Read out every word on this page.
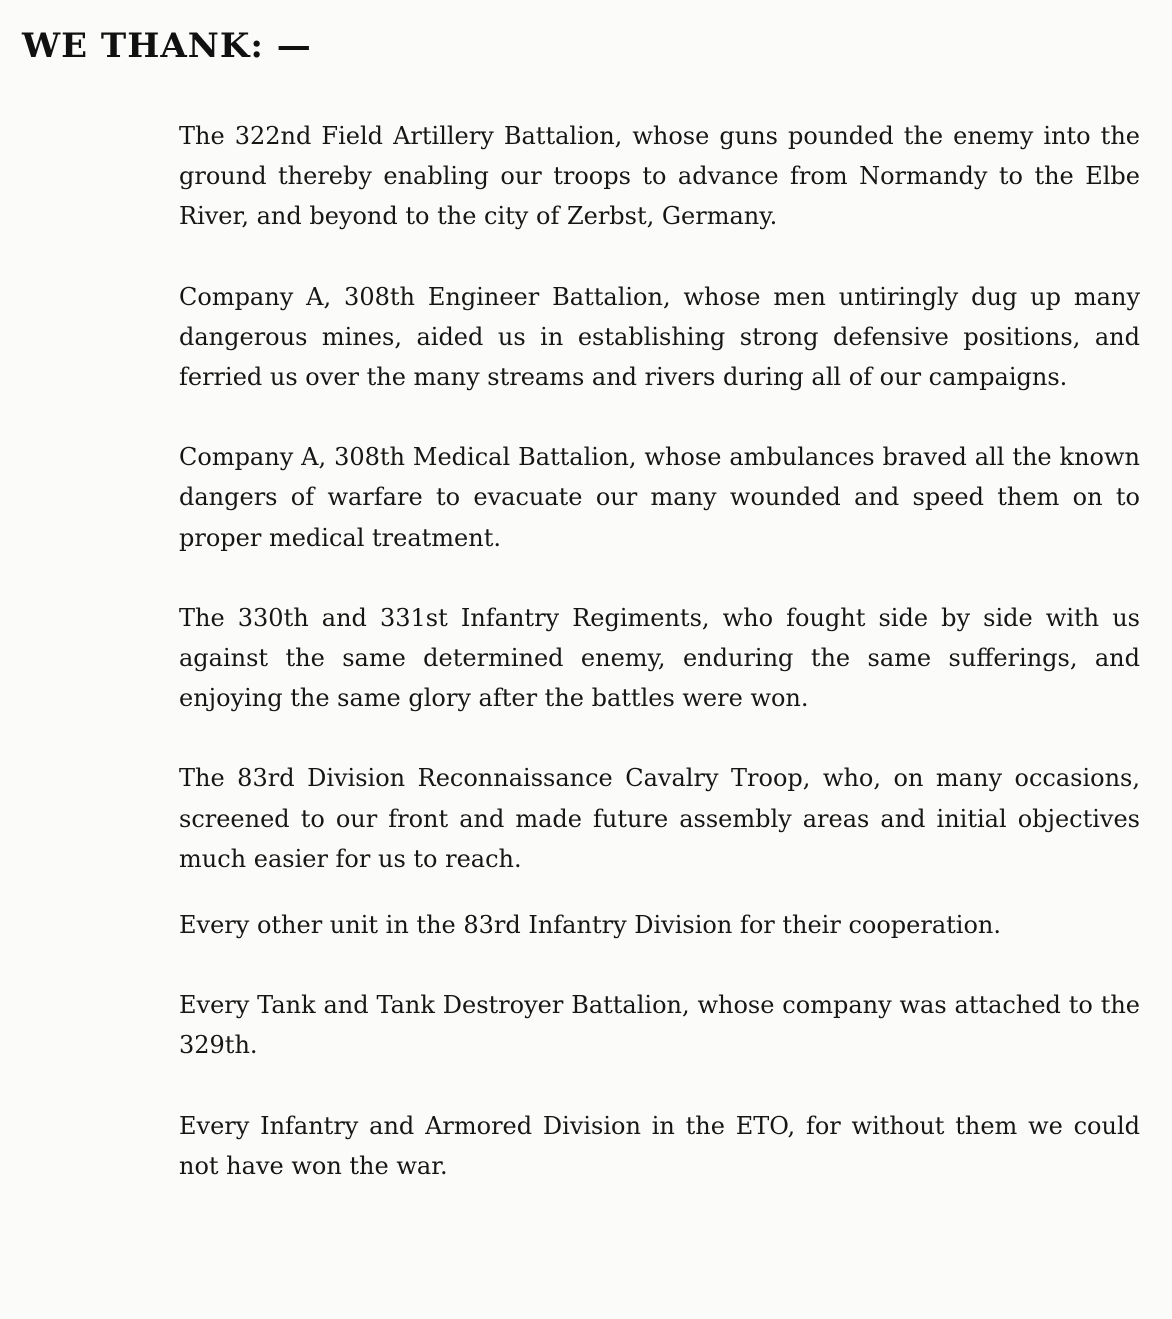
WE THANK: —

The 322nd Field Artillery Battalion, whose guns pounded the enemy into the ground thereby enabling our troops to advance from Normandy to the Elbe River, and beyond to the city of Zerbst, Germany.

Company A, 308th Engineer Battalion, whose men untiringly dug up many dangerous mines, aided us in establishing strong defensive positions, and ferried us over the many streams and rivers during all of our campaigns.

Company A, 308th Medical Battalion, whose ambulances braved all the known dangers of warfare to evacuate our many wounded and speed them on to proper medical treatment.

The 330th and 331st Infantry Regiments, who fought side by side with us against the same determined enemy, enduring the same sufferings, and enjoying the same glory after the battles were won.

The 83rd Division Reconnaissance Cavalry Troop, who, on many occasions, screened to our front and made future assembly areas and initial objectives much easier for us to reach.

Every other unit in the 83rd Infantry Division for their cooperation.

Every Tank and Tank Destroyer Battalion, whose company was attached to the 329th.

Every Infantry and Armored Division in the ETO, for without them we could not have won the war.
